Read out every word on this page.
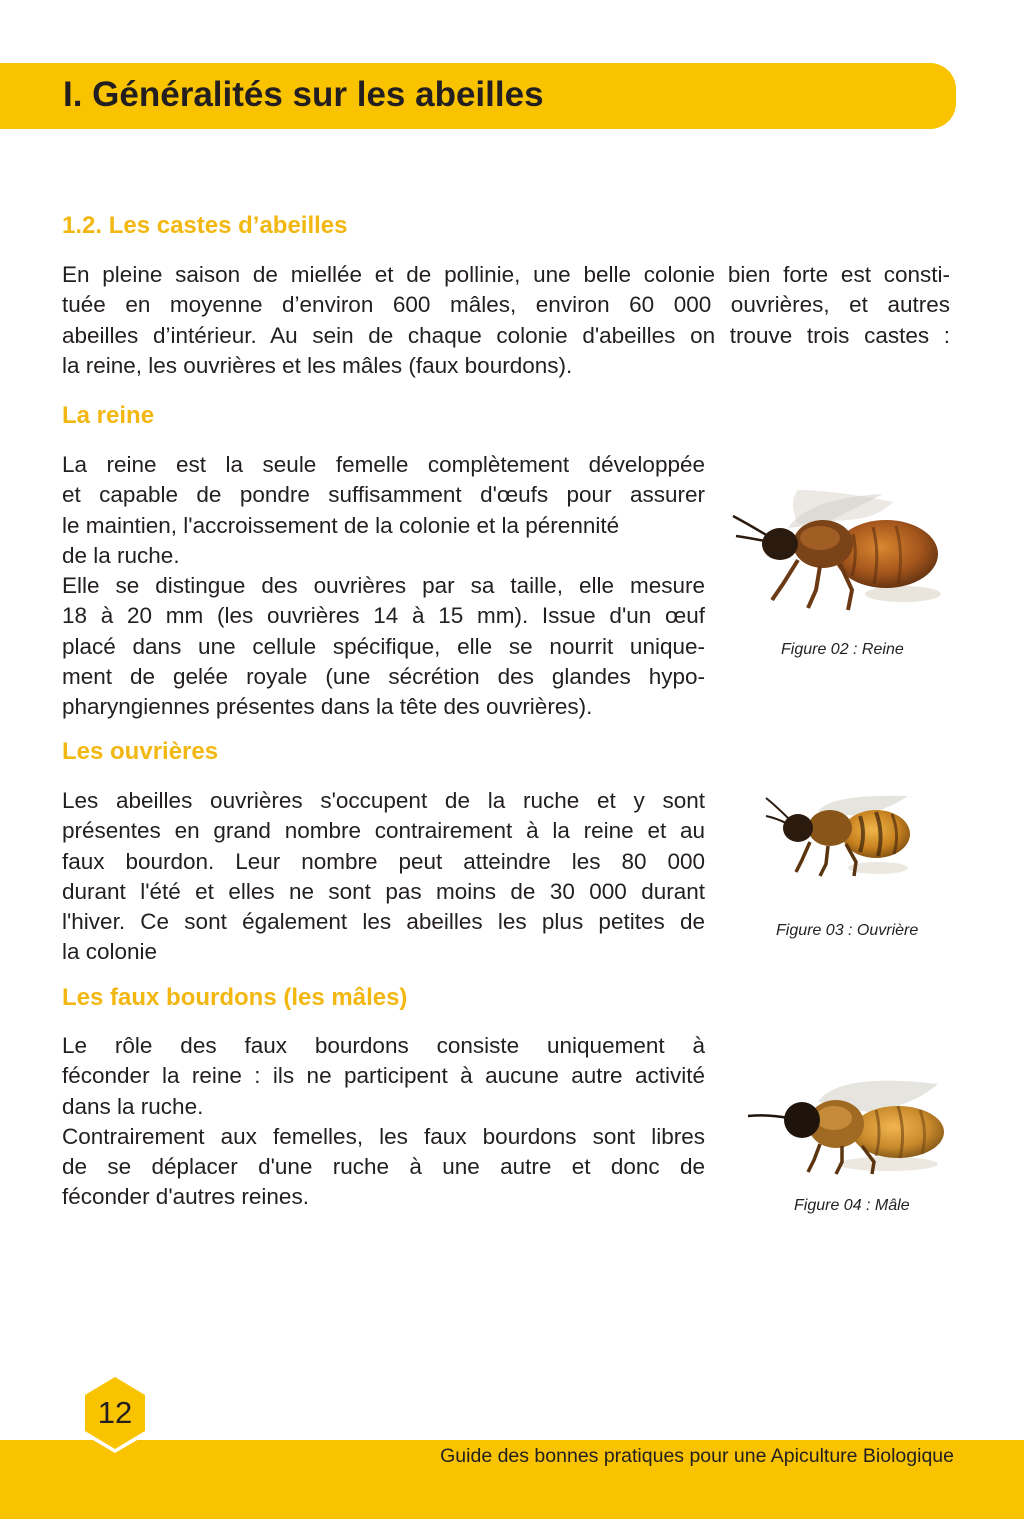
I. Généralités sur les abeilles
1.2. Les castes d’abeilles
En pleine saison de miellée et de pollinie, une belle colonie bien forte est consti-
tuée en moyenne d’environ 600 mâles, environ 60 000 ouvrières, et autres
abeilles d’intérieur. Au sein de chaque colonie d'abeilles on trouve trois castes :
la reine, les ouvrières et les mâles (faux bourdons).
La reine
La reine est la seule femelle complètement développée
et capable de pondre suffisamment d'œufs pour assurer
le maintien, l'accroissement de la colonie et la pérennité
de la ruche.
Elle se distingue des ouvrières par sa taille, elle mesure
18 à 20 mm (les ouvrières 14 à 15 mm). Issue d'un œuf
placé dans une cellule spécifique, elle se nourrit unique-
ment de gelée royale (une sécrétion des glandes hypo-
pharyngiennes présentes dans la tête des ouvrières).
Figure 02 : Reine
Les ouvrières
Les abeilles ouvrières s'occupent de la ruche et y sont
présentes en grand nombre contrairement à la reine et au
faux bourdon. Leur nombre peut atteindre les 80 000
durant l'été et elles ne sont pas moins de 30 000 durant
l'hiver. Ce sont également les abeilles les plus petites de
la colonie
Figure 03 : Ouvrière
Les faux bourdons (les mâles)
Le rôle des faux bourdons consiste uniquement à
féconder la reine : ils ne participent à aucune autre activité
dans la ruche.
Contrairement aux femelles, les faux bourdons sont libres
de se déplacer d'une ruche à une autre et donc de
féconder d'autres reines.	Figure 04 : Mâle
12
Guide des bonnes pratiques pour une Apiculture Biologique
